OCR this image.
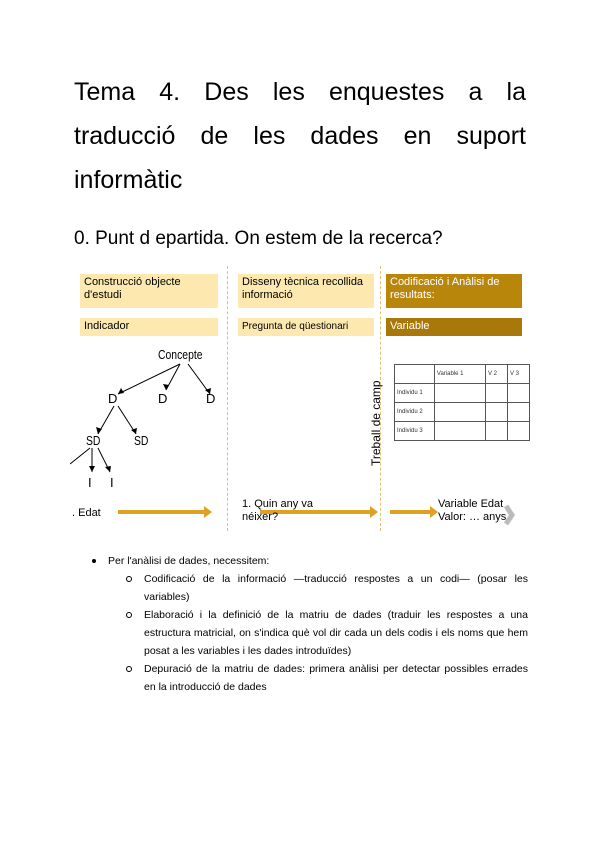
Tema 4. Des les enquestes a la traducció de les dades en suport informàtic
0. Punt d epartida. On estem de la recerca?
Construcció objecte d'estudi
Indicador
Disseny tècnica recollida informació
Pregunta de qüestionari
Codificació i Anàlisi de resultats:
Variable
Concepte
D	D	D
SD	SD
I I
Treball de camp
	Variable 1	V 2	V 3
Individu 1			
Individu 2			
Individu 3			
. Edat
1. Quin any va néixer?
Variable Edat
Valor: … anys
Per l'anàlisi de dades, necessitem:
Codificació de la informació —traducció respostes a un codi— (posar les variables)
Elaboració i la definició de la matriu de dades (traduir les respostes a una estructura matricial, on s'indica què vol dir cada un dels codis i els noms que hem posat a les variables i les dades introduïdes)
Depuració de la matriu de dades: primera anàlisi per detectar possibles errades en la introducció de dades
